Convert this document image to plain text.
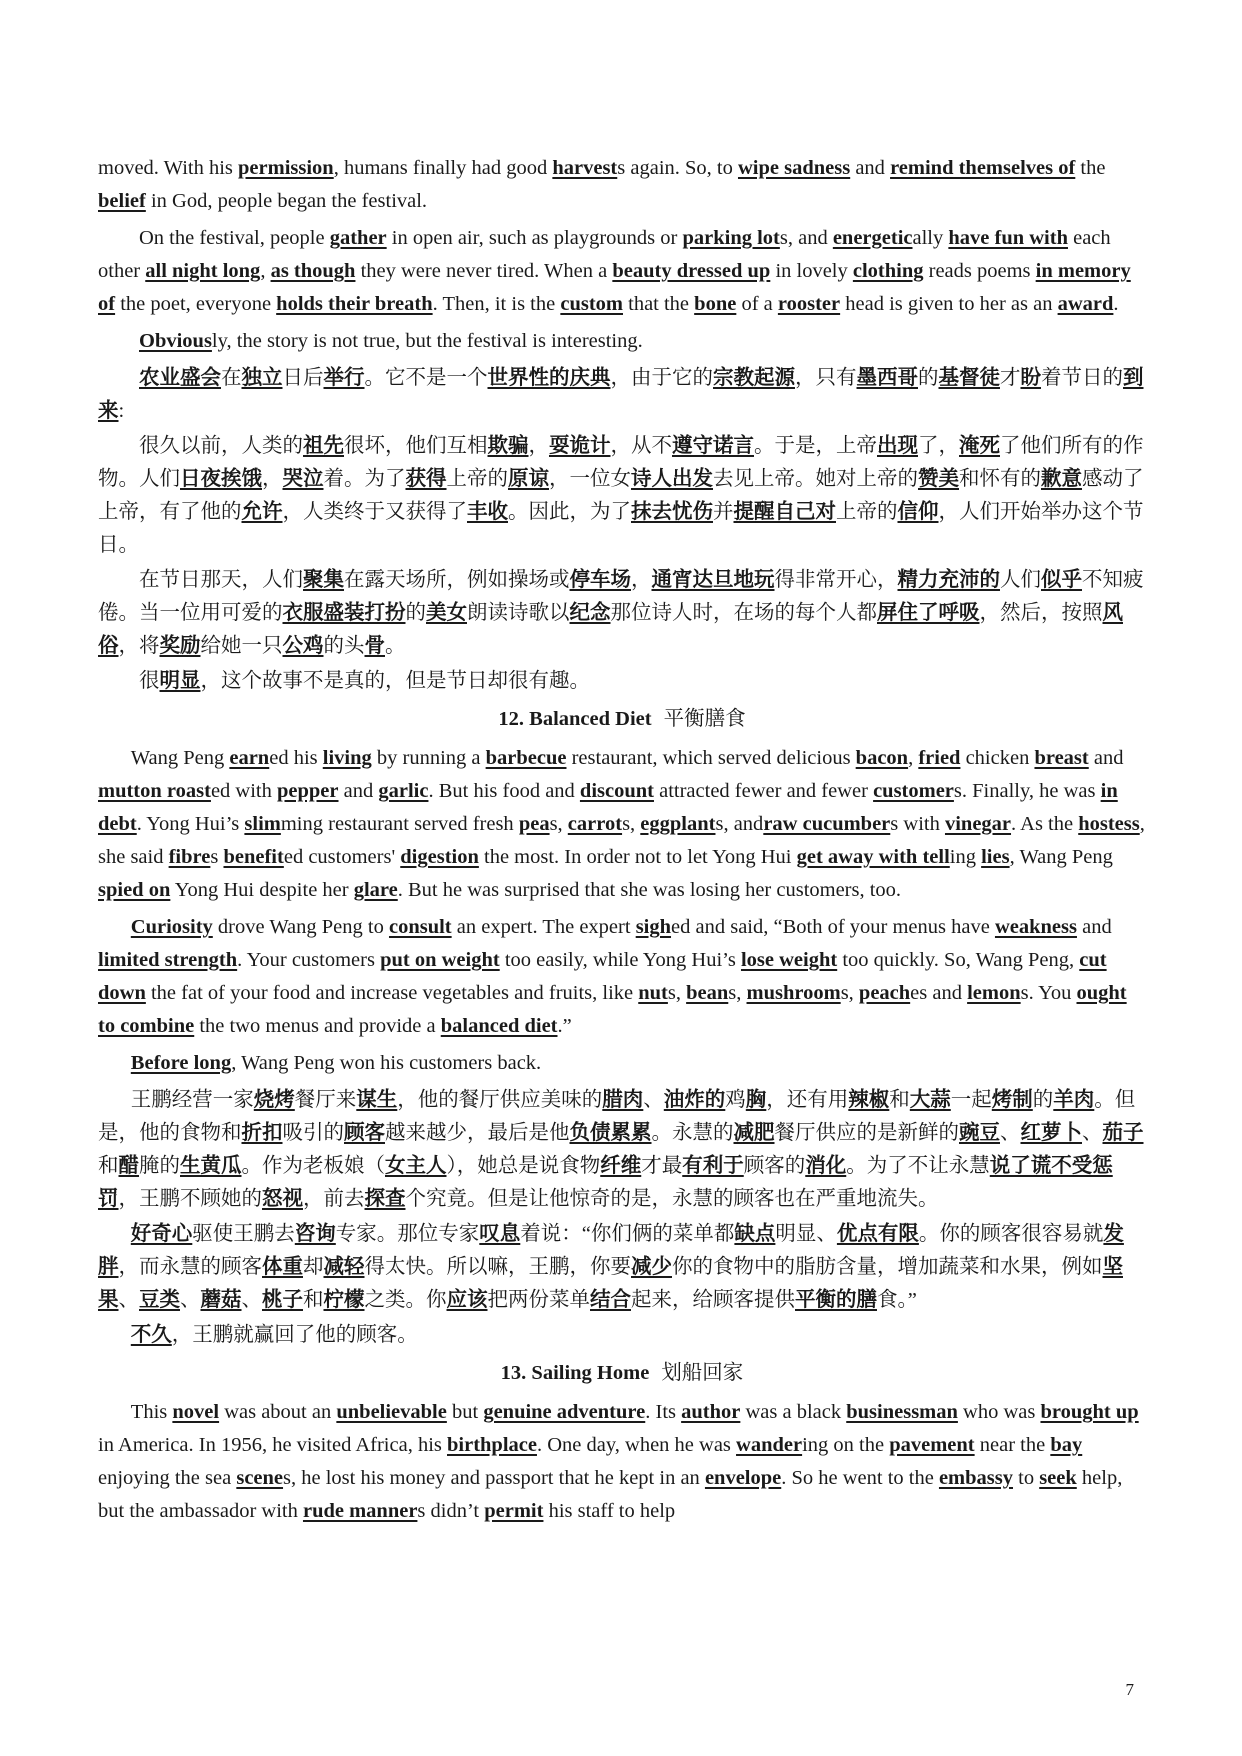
moved. With his permission, humans finally had good harvests again. So, to wipe sadness and remind themselves of the belief in God, people began the festival.

On the festival, people gather in open air, such as playgrounds or parking lots, and energetically have fun with each other all night long, as though they were never tired. When a beauty dressed up in lovely clothing reads poems in memory of the poet, everyone holds their breath. Then, it is the custom that the bone of a rooster head is given to her as an award.

Obviously, the story is not true, but the festival is interesting.

农业盛会在独立日后举行。它不是一个世界性的庆典，由于它的宗教起源，只有墨西哥的基督徒才盼着节日的到来:

很久以前，人类的祖先很坏，他们互相欺骗，耍诡计，从不遵守诺言。于是，上帝出现了，淹死了他们所有的作物。人们日夜挨饿，哭泣着。为了获得上帝的原谅，一位女诗人出发去见上帝。她对上帝的赞美和怀有的歉意感动了上帝，有了他的允许，人类终于又获得了丰收。因此，为了抹去忧伤并提醒自己对上帝的信仰，人们开始举办这个节日。

在节日那天，人们聚集在露天场所，例如操场或停车场，通宵达旦地玩得非常开心，精力充沛的人们似乎不知疲倦。当一位用可爱的衣服盛装打扮的美女朗读诗歌以纪念那位诗人时，在场的每个人都屏住了呼吸，然后，按照风俗，将奖励给她一只公鸡的头骨。

很明显，这个故事不是真的，但是节日却很有趣。

12. Balanced Diet 平衡膳食

Wang Peng earned his living by running a barbecue restaurant, which served delicious bacon, fried chicken breast and mutton roasted with pepper and garlic. But his food and discount attracted fewer and fewer customers. Finally, he was in debt. Yong Hui’s slimming restaurant served fresh peas, carrots, eggplants, andraw cucumbers with vinegar. As the hostess, she said fibres benefited customers' digestion the most. In order not to let Yong Hui get away with telling lies, Wang Peng spied on Yong Hui despite her glare. But he was surprised that she was losing her customers, too.

Curiosity drove Wang Peng to consult an expert. The expert sighed and said, “Both of your menus have weakness and limited strength. Your customers put on weight too easily, while Yong Hui’s lose weight too quickly. So, Wang Peng, cut down the fat of your food and increase vegetables and fruits, like nuts, beans, mushrooms, peaches and lemons. You ought to combine the two menus and provide a balanced diet.”

Before long, Wang Peng won his customers back.

王鹏经营一家烧烤餐厅来谋生，他的餐厅供应美味的腊肉、油炸的鸡胸，还有用辣椒和大蒜一起烤制的羊肉。但是，他的食物和折扣吸引的顾客越来越少，最后是他负债累累。永慧的减肥餐厅供应的是新鲜的豌豆、红萝卜、茄子和醋腌的生黄瓜。作为老板娘（女主人），她总是说食物纤维才最有利于顾客的消化。为了不让永慧说了谎不受惩罚，王鹏不顾她的怒视，前去探查个究竟。但是让他惊奇的是，永慧的顾客也在严重地流失。

好奇心驱使王鹏去咨询专家。那位专家叹息着说：“你们俩的菜单都缺点明显、优点有限。你的顾客很容易就发胖，而永慧的顾客体重却减轻得太快。所以嘛，王鹏，你要减少你的食物中的脂肪含量，增加蔬菜和水果，例如坚果、豆类、蘑菇、桃子和柠檬之类。你应该把两份菜单结合起来，给顾客提供平衡的膳食。”

不久，王鹏就赢回了他的顾客。

13. Sailing Home 划船回家

This novel was about an unbelievable but genuine adventure. Its author was a black businessman who was brought up in America. In 1956, he visited Africa, his birthplace. One day, when he was wandering on the pavement near the bay enjoying the sea scenes, he lost his money and passport that he kept in an envelope. So he went to the embassy to seek help, but the ambassador with rude manners didn’t permit his staff to help

7
